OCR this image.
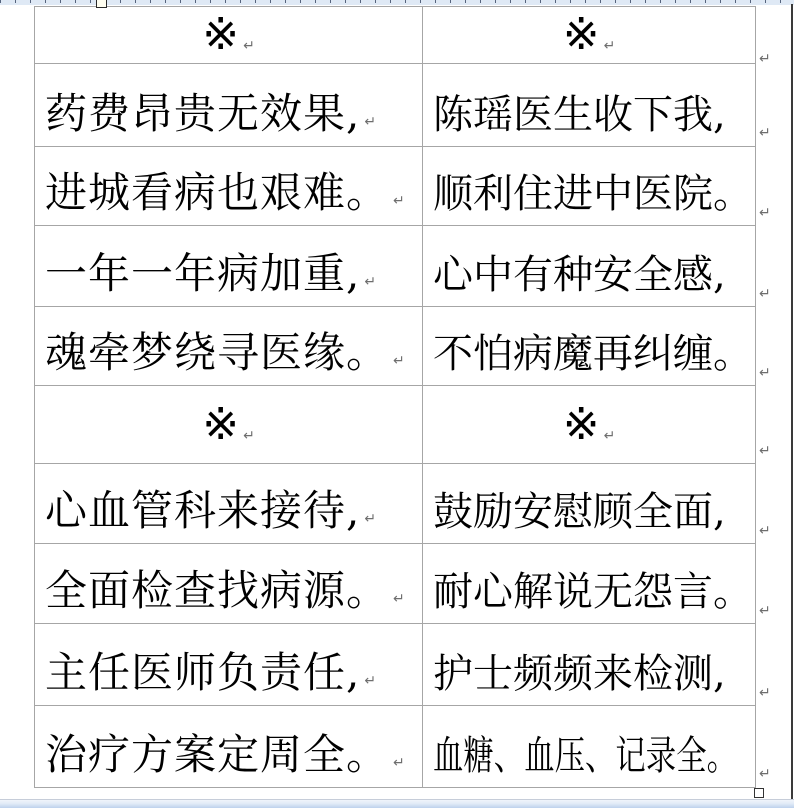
※ ↵	※ ↵
药费昂贵无效果, ↵ 陈瑶医生收下我,
进城看病也艰难。 ↵ 顺利住进中医院。
一年一年病加重, ↵ 心中有种安全感,
魂牵梦绕寻医缘。 ↵ 不怕病魔再纠缠。
※ ↵	※ ↵
心血管科来接待, ↵ 鼓励安慰顾全面,
全面检查找病源。 ↵ 耐心解说无怨言。
主任医师负责任, ↵ 护士频频来检测,
治疗方案定周全。 ↵ 血糖、血压、记录全。
↵
↵
↵
↵
↵
↵
↵
↵
↵
↵
